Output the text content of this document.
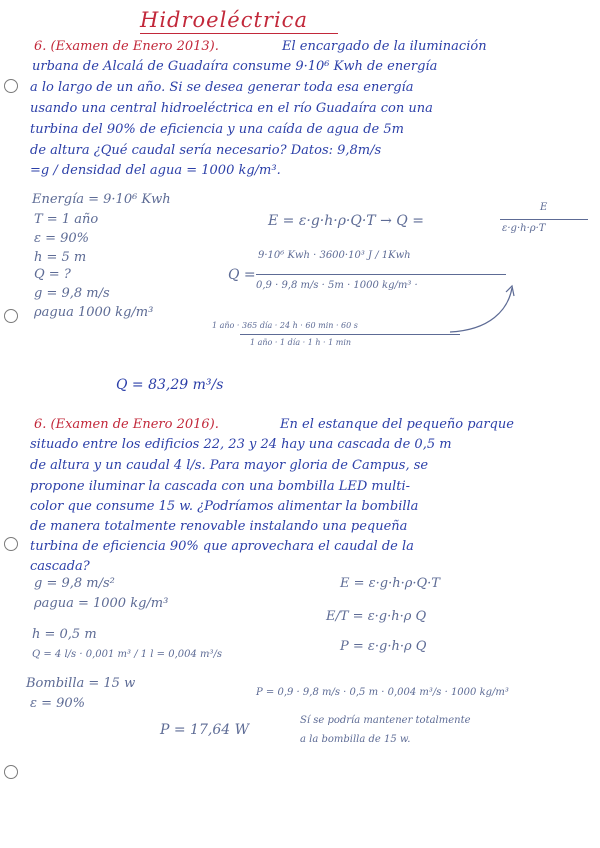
Hidroeléctrica
6. (Examen de Enero 2013).	El encargado de la iluminación
urbana de Alcalá de Guadaíra consume 9·10⁶ Kwh de energía
a lo largo de un año. Si se desea generar toda esa energía
usando una central hidroeléctrica en el río Guadaíra con una
turbina del 90% de eficiencia y una caída de agua de 5m
de altura ¿Qué caudal sería necesario? Datos: 9,8m/s
=g / densidad del agua = 1000 kg/m³.
Energía = 9·10⁶ Kwh
T = 1 año
ε = 90%
h = 5 m
Q = ?
g = 9,8 m/s
ρagua 1000 kg/m³
E = ε·g·h·ρ·Q·T → Q =
E
ε·g·h·ρ·T
Q =
9·10⁶ Kwh · 3600·10³ J / 1Kwh
0,9 · 9,8 m/s · 5m · 1000 kg/m³ ·
1 año · 365 día · 24 h · 60 min · 60 s
1 año · 1 día · 1 h · 1 min
Q = 83,29 m³/s
6. (Examen de Enero 2016).	En el estanque del pequeño parque
situado entre los edificios 22, 23 y 24 hay una cascada de 0,5 m
de altura y un caudal 4 l/s. Para mayor gloria de Campus, se
propone iluminar la cascada con una bombilla LED multi-
color que consume 15 w. ¿Podríamos alimentar la bombilla
de manera totalmente renovable instalando una pequeña
turbina de eficiencia 90% que aprovechara el caudal de la
cascada?
g = 9,8 m/s²
ρagua = 1000 kg/m³
h = 0,5 m
Q = 4 l/s · 0,001 m³ / 1 l = 0,004 m³/s
Bombilla = 15 w
ε = 90%
E = ε·g·h·ρ·Q·T
E/T = ε·g·h·ρ Q
P = ε·g·h·ρ Q
P = 0,9 · 9,8 m/s · 0,5 m · 0,004 m³/s · 1000 kg/m³
P = 17,64 W
Sí se podría mantener totalmente
a la bombilla de 15 w.
